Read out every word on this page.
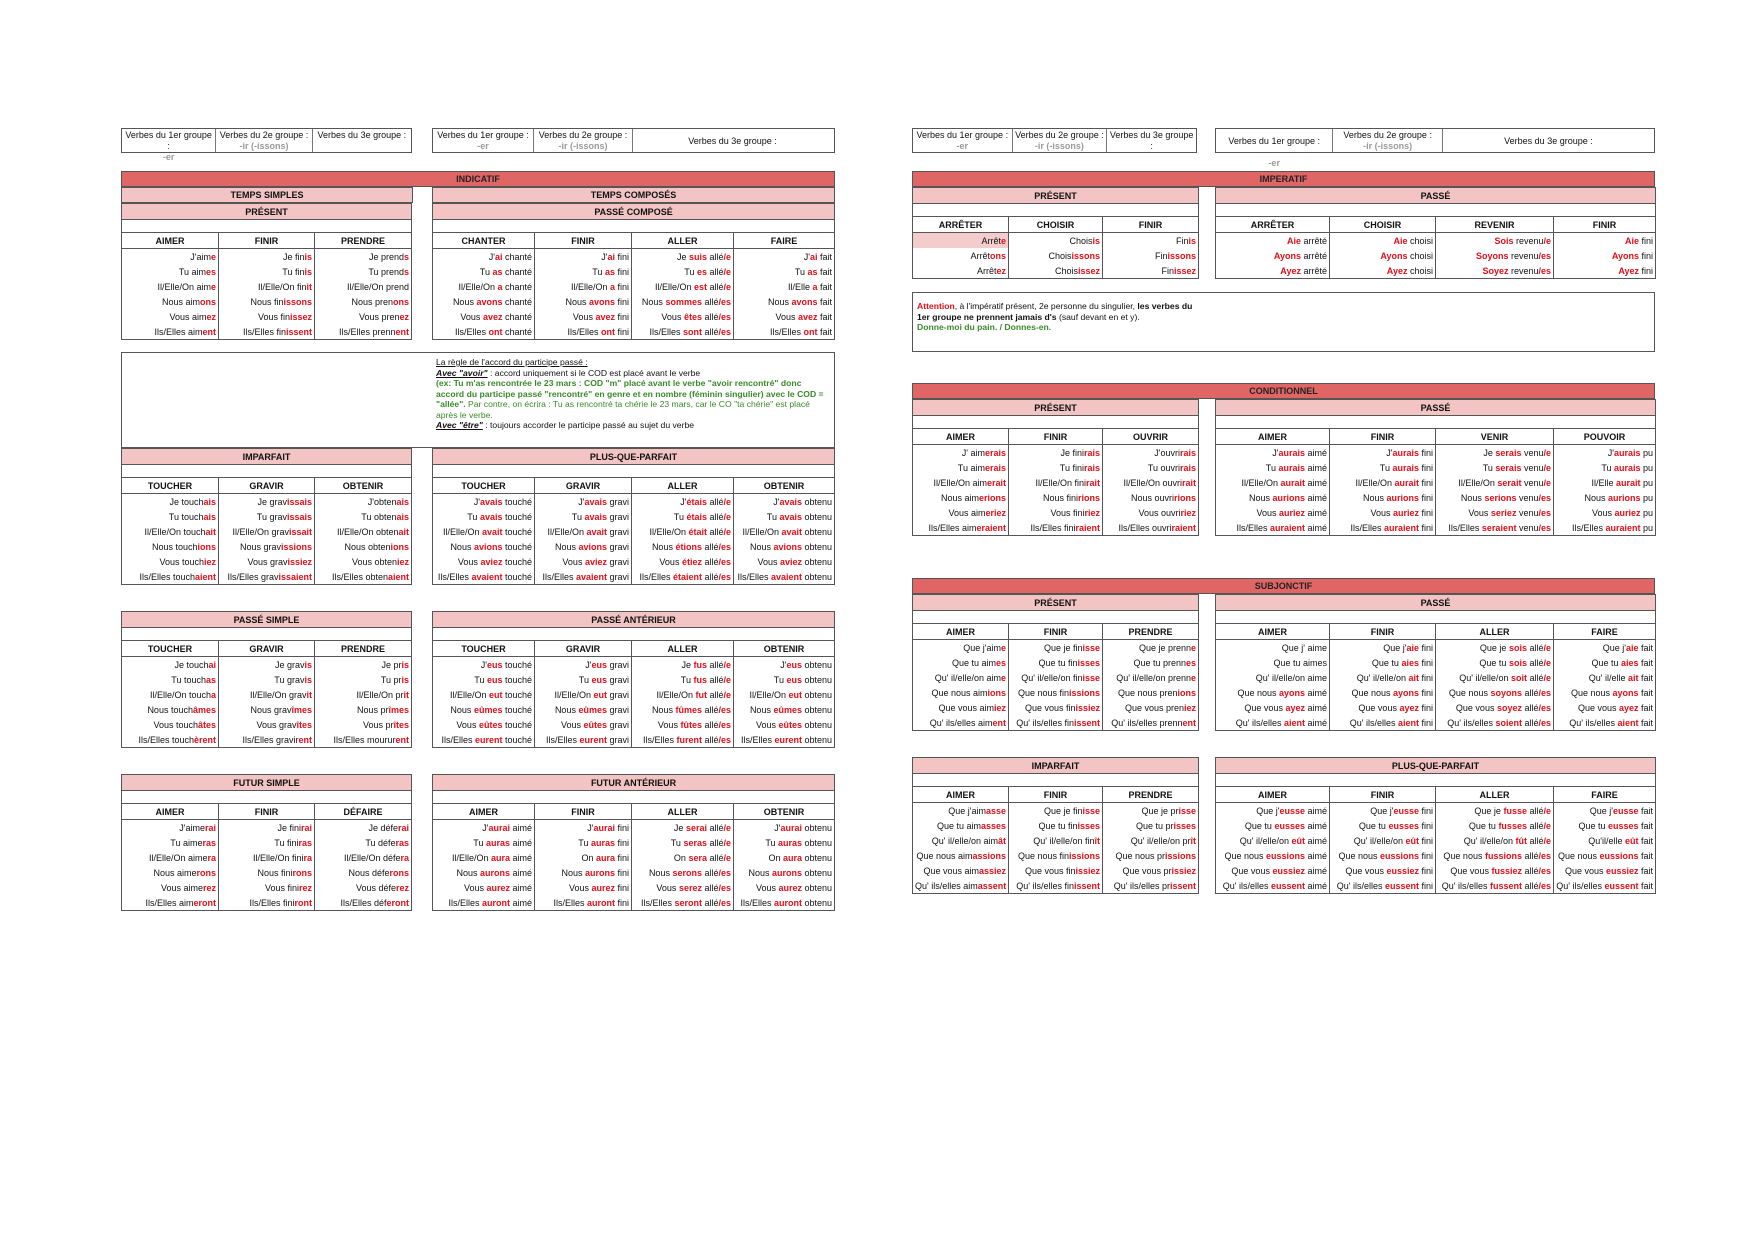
Verbes du 1er groupe :
-er
Verbes du 2e groupe :
-ir (-issons)
Verbes du 3e groupe :	Verbes du 1er groupe :
-er
Verbes du 2e groupe :
-ir (-issons)	Verbes du 3e groupe :
Verbes du 1er groupe :
-er
Verbes du 2e groupe :
-ir (-issons)
Verbes du 3e groupe :	Verbes du 1er groupe :
-er
Verbes du 2e groupe :
-ir (-issons)	Verbes du 3e groupe :
INDICATIF
TEMPS SIMPLES	TEMPS COMPOSÉS
IMPERATIF
CONDITIONNEL
SUBJONCTIF
PRÉSENT		

AIMER	FINIR	PRENDRE
J'aime	Je finis	Je prends
Tu aimes	Tu finis	Tu prends
Il/Elle/On aime	Il/Elle/On finit	Il/Elle/On prend
Nous aimons	Nous finissons	Nous prenons
Vous aimez	Vous finissez	Vous prenez
Ils/Elles aiment	Ils/Elles finissent	Ils/Elles prennent
PASSÉ COMPOSÉ			

CHANTER	FINIR	ALLER	FAIRE
J'ai chanté	J'ai fini	Je suis allé/e	J'ai fait
Tu as chanté	Tu as fini	Tu es allé/e	Tu as fait
Il/Elle/On a chanté	Il/Elle/On a fini	Il/Elle/On est allé/e	Il/Elle a fait
Nous avons chanté	Nous avons fini	Nous sommes allé/es	Nous avons fait
Vous avez chanté	Vous avez fini	Vous êtes allé/es	Vous avez fait
Ils/Elles ont chanté	Ils/Elles ont fini	Ils/Elles sont allé/es	Ils/Elles ont fait
IMPARFAIT		

TOUCHER	GRAVIR	OBTENIR
Je touchais	Je gravissais	J'obtenais
Tu touchais	Tu gravissais	Tu obtenais
Il/Elle/On touchait	Il/Elle/On gravissait	Il/Elle/On obtenait
Nous touchions	Nous gravissions	Nous obtenions
Vous touchiez	Vous gravissiez	Vous obteniez
Ils/Elles touchaient	Ils/Elles gravissaient	Ils/Elles obtenaient
PLUS-QUE-PARFAIT			

TOUCHER	GRAVIR	ALLER	OBTENIR
J'avais touché	J'avais gravi	J'étais allé/e	J'avais obtenu
Tu avais touché	Tu avais gravi	Tu étais allé/e	Tu avais obtenu
Il/Elle/On avait touché	Il/Elle/On avait gravi	Il/Elle/On était allé/e	Il/Elle/On avait obtenu
Nous avions touché	Nous avions gravi	Nous étions allé/es	Nous avions obtenu
Vous aviez touché	Vous aviez gravi	Vous étiez allé/es	Vous aviez obtenu
Ils/Elles avaient touché	Ils/Elles avaient gravi	Ils/Elles étaient allé/es	Ils/Elles avaient obtenu
PASSÉ SIMPLE		

TOUCHER	GRAVIR	PRENDRE
Je touchai	Je gravis	Je pris
Tu touchas	Tu gravis	Tu pris
Il/Elle/On toucha	Il/Elle/On gravit	Il/Elle/On prit
Nous touchâmes	Nous gravîmes	Nous prîmes
Vous touchâtes	Vous gravîtes	Vous prîtes
Ils/Elles touchèrent	Ils/Elles gravirent	Ils/Elles moururent
PASSÉ ANTÉRIEUR			

TOUCHER	GRAVIR	ALLER	OBTENIR
J'eus touché	J'eus gravi	Je fus allé/e	J'eus obtenu
Tu eus touché	Tu eus gravi	Tu fus allé/e	Tu eus obtenu
Il/Elle/On eut touché	Il/Elle/On eut gravi	Il/Elle/On fut allé/e	Il/Elle/On eut obtenu
Nous eûmes touché	Nous eûmes gravi	Nous fûmes allé/es	Nous eûmes obtenu
Vous eûtes touché	Vous eûtes gravi	Vous fûtes allé/es	Vous eûtes obtenu
Ils/Elles eurent touché	Ils/Elles eurent gravi	Ils/Elles furent allé/es	Ils/Elles eurent obtenu
FUTUR SIMPLE		

AIMER	FINIR	DÉFAIRE
J'aimerai	Je finirai	Je déferai
Tu aimeras	Tu finiras	Tu déferas
Il/Elle/On aimera	Il/Elle/On finira	Il/Elle/On défera
Nous aimerons	Nous finirons	Nous déferons
Vous aimerez	Vous finirez	Vous déferez
Ils/Elles aimeront	Ils/Elles finiront	Ils/Elles déferont
FUTUR ANTÉRIEUR			

AIMER	FINIR	ALLER	OBTENIR
J'aurai aimé	J'aurai fini	Je serai allé/e	J'aurai obtenu
Tu auras aimé	Tu auras fini	Tu seras allé/e	Tu auras obtenu
Il/Elle/On aura aimé	On aura fini	On sera allé/e	On aura obtenu
Nous aurons aimé	Nous aurons fini	Nous serons allé/es	Nous aurons obtenu
Vous aurez aimé	Vous aurez fini	Vous serez allé/es	Vous aurez obtenu
Ils/Elles auront aimé	Ils/Elles auront fini	Ils/Elles seront allé/es	Ils/Elles auront obtenu
PRÉSENT		

ARRÊTER	CHOISIR	FINIR
Arrête	Choisis	Finis
Arrêtons	Choisissons	Finissons
Arrêtez	Choisissez	Finissez
PASSÉ			

ARRÊTER	CHOISIR	REVENIR	FINIR
Aie arrêté	Aie choisi	Sois revenu/e	Aie fini
Ayons arrêté	Ayons choisi	Soyons revenu/es	Ayons fini
Ayez arrêté	Ayez choisi	Soyez revenu/es	Ayez fini
PRÉSENT		

AIMER	FINIR	OUVRIR
J' aimerais	Je finirais	J'ouvrirais
Tu aimerais	Tu finirais	Tu ouvrirais
Il/Elle/On aimerait	Il/Elle/On finirait	Il/Elle/On ouvrirait
Nous aimerions	Nous finirions	Nous ouvririons
Vous aimeriez	Vous finiriez	Vous ouvririez
Ils/Elles aimeraient	Ils/Elles finiraient	Ils/Elles ouvriraient
PASSÉ			

AIMER	FINIR	VENIR	POUVOIR
J'aurais aimé	J'aurais fini	Je serais venu/e	J'aurais pu
Tu aurais aimé	Tu aurais fini	Tu serais venu/e	Tu aurais pu
Il/Elle/On aurait aimé	Il/Elle/On aurait fini	Il/Elle/On serait venu/e	Il/Elle aurait pu
Nous aurions aimé	Nous aurions fini	Nous serions venu/es	Nous aurions pu
Vous auriez aimé	Vous auriez fini	Vous seriez venu/es	Vous auriez pu
Ils/Elles auraient aimé	Ils/Elles auraient fini	Ils/Elles seraient venu/es	Ils/Elles auraient pu
PRÉSENT		

AIMER	FINIR	PRENDRE
Que j'aime	Que je finisse	Que je prenne
Que tu aimes	Que tu finisses	Que tu prennes
Qu' il/elle/on aime	Qu' il/elle/on finisse	Qu' il/elle/on prenne
Que nous aimions	Que nous finissions	Que nous prenions
Que vous aimiez	Que vous finissiez	Que vous preniez
Qu' ils/elles aiment	Qu' ils/elles finissent	Qu' ils/elles prennent
PASSÉ			

AIMER	FINIR	ALLER	FAIRE
Que j' aime	Que j'aie fini	Que je sois allé/e	Que j'aie fait
Que tu aimes	Que tu aies fini	Que tu sois allé/e	Que tu aies fait
Qu' il/elle/on aime	Qu' il/elle/on ait fini	Qu' il/elle/on soit allé/e	Qu' il/elle ait fait
Que nous ayons aimé	Que nous ayons fini	Que nous soyons allé/es	Que nous ayons fait
Que vous ayez aimé	Que vous ayez fini	Que vous soyez allé/es	Que vous ayez fait
Qu' ils/elles aient aimé	Qu' ils/elles aient fini	Qu' ils/elles soient allé/es	Qu' ils/elles aient fait
IMPARFAIT		

AIMER	FINIR	PRENDRE
Que j'aimasse	Que je finisse	Que je prisse
Que tu aimasses	Que tu finisses	Que tu prisses
Qu' il/elle/on aimât	Qu' il/elle/on finît	Qu' il/elle/on prît
Que nous aimassions	Que nous finissions	Que nous prissions
Que vous aimassiez	Que vous finissiez	Que vous prissiez
Qu' ils/elles aimassent	Qu' ils/elles finissent	Qu' ils/elles prissent
PLUS-QUE-PARFAIT			

AIMER	FINIR	ALLER	FAIRE
Que j'eusse aimé	Que j'eusse fini	Que je fusse allé/e	Que j'eusse fait
Que tu eusses aimé	Que tu eusses fini	Que tu fusses allé/e	Que tu eusses fait
Qu' il/elle/on eût aimé	Qu' il/elle/on eût fini	Qu' il/elle/on fût allé/e	Qu'il/elle eût fait
Que nous eussions aimé	Que nous eussions fini	Que nous fussions allé/es	Que nous eussions fait
Que vous eussiez aimé	Que vous eussiez fini	Que vous fussiez allé/es	Que vous eussiez fait
Qu' ils/elles eussent aimé	Qu' ils/elles eussent fini	Qu' ils/elles fussent allé/es	Qu' ils/elles eussent fait
La règle de l'accord du participe passé :
Avec "avoir" : accord uniquement si le COD est placé avant le verbe
(ex: Tu m'as rencontrée le 23 mars : COD "m" placé avant le verbe "avoir rencontré" donc accord du participe passé "rencontré" en genre et en nombre (féminin singulier) avec le COD = "allée". Par contre, on écrira : Tu as rencontré ta chérie le 23 mars, car le CO "ta chérie" est placé après le verbe.
Avec "être" : toujours accorder le participe passé au sujet du verbe
Attention, à l'impératif présent, 2e personne du singulier, les verbes du 1er groupe ne prennent jamais d's (sauf devant en et y).
Donne-moi du pain. / Donnes-en.
